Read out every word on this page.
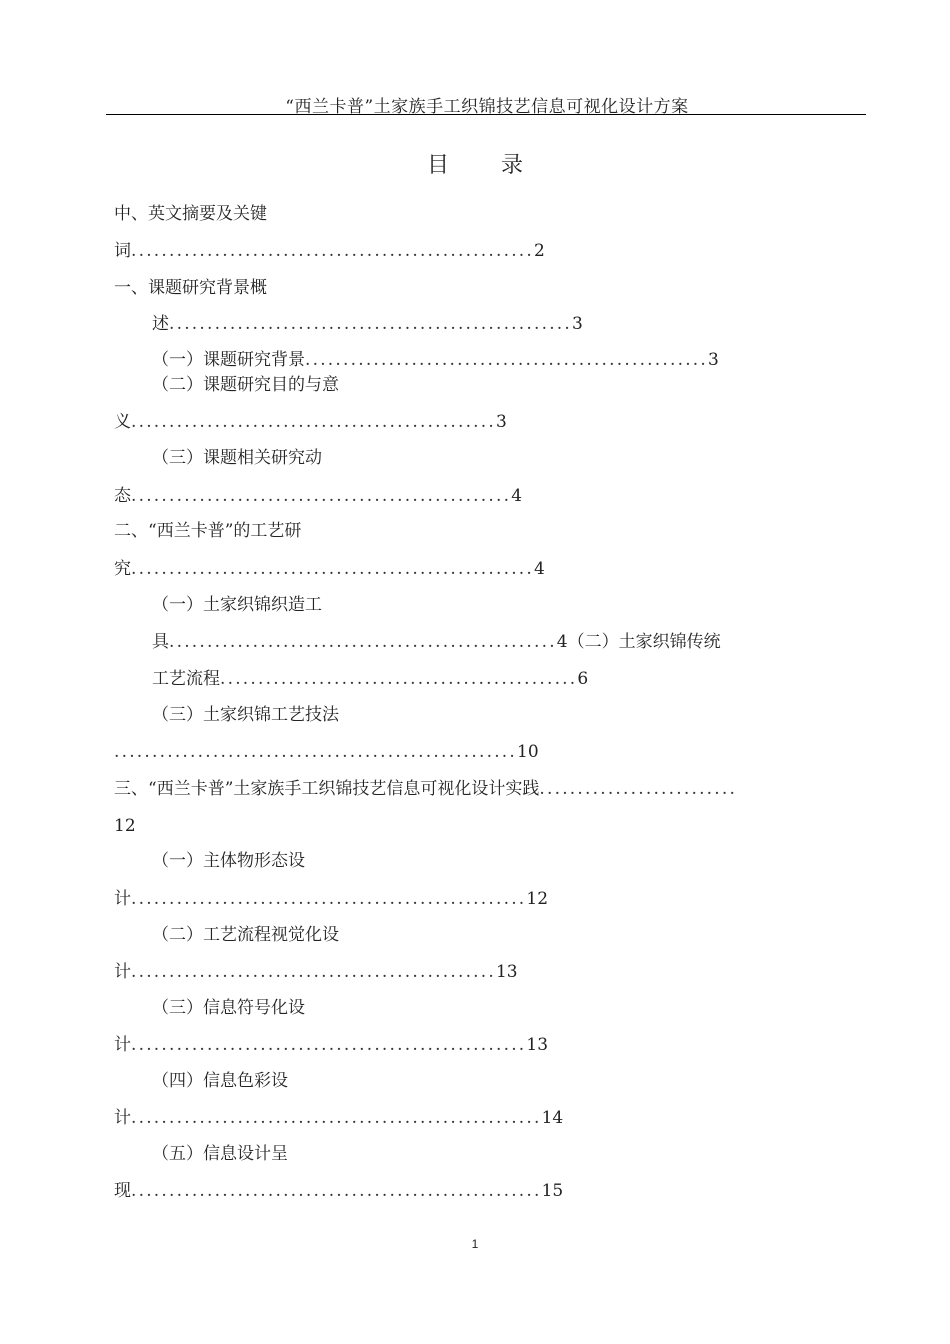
“西兰卡普”土家族手工织锦技艺信息可视化设计方案
目 录
中、英文摘要及关键
词.....................................................2
一、课题研究背景概
述.....................................................3
（一）课题研究背景.....................................................3
（二）课题研究目的与意
义................................................3
（三）课题相关研究动
态..................................................4
二、“西兰卡普”的工艺研
究.....................................................4
（一）土家织锦织造工
具...................................................4（二）土家织锦传统
工艺流程...............................................6
（三）土家织锦工艺技法
.....................................................10
三、“西兰卡普”土家族手工织锦技艺信息可视化设计实践..........................
12
（一）主体物形态设
计....................................................12
（二）工艺流程视觉化设
计................................................13
（三）信息符号化设
计....................................................13
（四）信息色彩设
计......................................................14
（五）信息设计呈
现......................................................15
1
